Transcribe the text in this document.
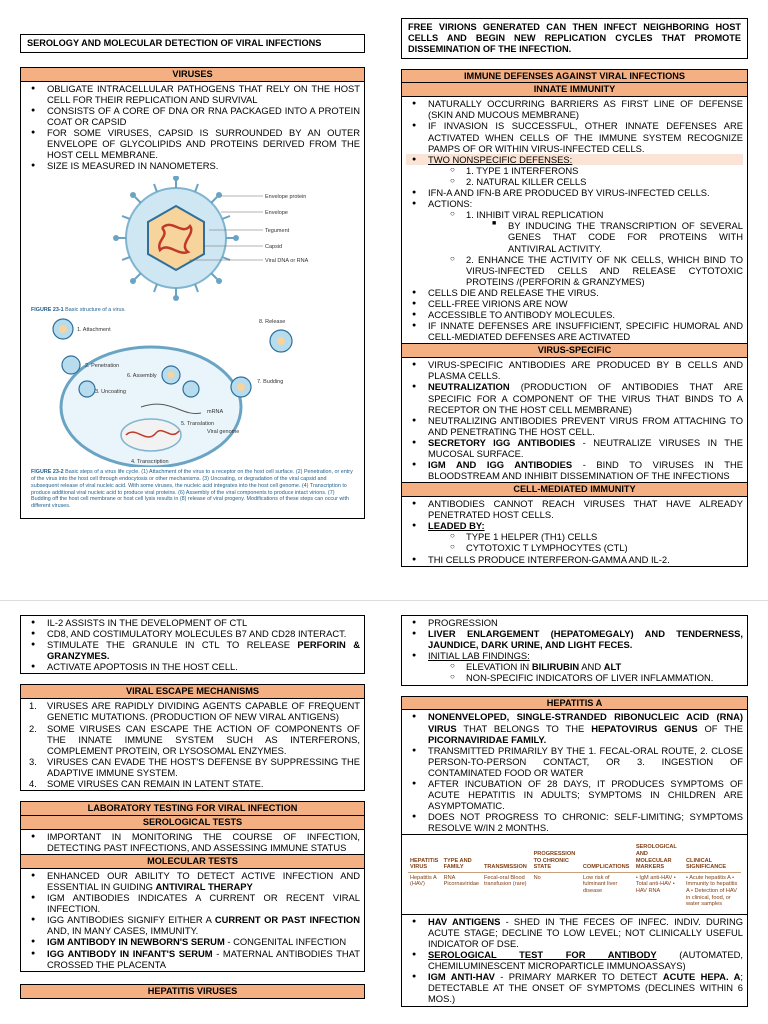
SEROLOGY AND MOLECULAR DETECTION OF VIRAL INFECTIONS
VIRUSES
● OBLIGATE INTRACELLULAR PATHOGENS THAT RELY ON THE HOST CELL FOR THEIR REPLICATION AND SURVIVAL
● CONSISTS OF A CORE OF DNA OR RNA PACKAGED INTO A PROTEIN COAT OR CAPSID
● FOR SOME VIRUSES, CAPSID IS SURROUNDED BY AN OUTER ENVELOPE OF GLYCOLIPIDS AND PROTEINS DERIVED FROM THE HOST CELL MEMBRANE.
● SIZE IS MEASURED IN NANOMETERS.
Envelope protein
Envelope
Tegument
Capsid
Viral DNA or RNA
FIGURE 23-1 Basic structure of a virus.
1. Attachment
8. Release
2. Penetration
6. Assembly
7. Budding
3. Uncoating
mRNA
5. Translation
Viral genome
4. Transcription
FIGURE 23-2 Basic steps of a virus life cycle. (1) Attachment of the virus to a receptor on the host cell surface. (2) Penetration, or entry of the virus into the host cell through endocytosis or other mechanisms. (3) Uncoating, or degradation of the viral capsid and subsequent release of viral nucleic acid. With some viruses, the nucleic acid integrates into the host cell genome. (4) Transcription to produce additional viral nucleic acid to produce viral proteins. (6) Assembly of the viral components to produce intact virions. (7) Budding off the host cell membrane or host cell lysis results in (8) release of viral progeny. Modifications of these steps can occur with different viruses.
FREE VIRIONS GENERATED CAN THEN INFECT NEIGHBORING HOST CELLS AND BEGIN NEW REPLICATION CYCLES THAT PROMOTE DISSEMINATION OF THE INFECTION.
IMMUNE DEFENSES AGAINST VIRAL INFECTIONS
INNATE IMMUNITY
● NATURALLY OCCURRING BARRIERS AS FIRST LINE OF DEFENSE (SKIN AND MUCOUS MEMBRANE)
● IF INVASION IS SUCCESSFUL, OTHER INNATE DEFENSES ARE ACTIVATED WHEN CELLS OF THE IMMUNE SYSTEM RECOGNIZE PAMPS OF OR WITHIN VIRUS-INFECTED CELLS.
● TWO NONSPECIFIC DEFENSES:
○ 1. TYPE 1 INTERFERONS
○ 2. NATURAL KILLER CELLS
● IFN-A AND IFN-B ARE PRODUCED BY VIRUS-INFECTED CELLS.
● ACTIONS:
○ 1. INHIBIT VIRAL REPLICATION
■ BY INDUCING THE TRANSCRIPTION OF SEVERAL GENES THAT CODE FOR PROTEINS WITH ANTIVIRAL ACTIVITY.
○ 2. ENHANCE THE ACTIVITY OF NK CELLS, WHICH BIND TO VIRUS-INFECTED CELLS AND RELEASE CYTOTOXIC PROTEINS /(PERFORIN & GRANZYMES)
● CELLS DIE AND RELEASE THE VIRUS.
● CELL-FREE VIRIONS ARE NOW
● ACCESSIBLE TO ANTIBODY MOLECULES.
● IF INNATE DEFENSES ARE INSUFFICIENT, SPECIFIC HUMORAL AND CELL-MEDIATED DEFENSES ARE ACTIVATED
VIRUS-SPECIFIC
● VIRUS-SPECIFIC ANTIBODIES ARE PRODUCED BY B CELLS AND PLASMA CELLS.
● NEUTRALIZATION (PRODUCTION OF ANTIBODIES THAT ARE SPECIFIC FOR A COMPONENT OF THE VIRUS THAT BINDS TO A RECEPTOR ON THE HOST CELL MEMBRANE)
● NEUTRALIZING ANTIBODIES PREVENT VIRUS FROM ATTACHING TO AND PENETRATING THE HOST CELL.
● SECRETORY IGG ANTIBODIES - NEUTRALIZE VIRUSES IN THE MUCOSAL SURFACE.
● IGM AND IGG ANTIBODIES - BIND TO VIRUSES IN THE BLOODSTREAM AND INHIBIT DISSEMINATION OF THE INFECTIONS
CELL-MEDIATED IMMUNITY
● ANTIBODIES CANNOT REACH VIRUSES THAT HAVE ALREADY PENETRATED HOST CELLS.
● LEADED BY:
○ TYPE 1 HELPER (TH1) CELLS
○ CYTOTOXIC T LYMPHOCYTES (CTL)
● THI CELLS PRODUCE INTERFERON-GAMMA AND IL-2.
● IL-2 ASSISTS IN THE DEVELOPMENT OF CTL
● CD8, AND COSTIMULATORY MOLECULES B7 AND CD28 INTERACT.
● STIMULATE THE GRANULE IN CTL TO RELEASE PERFORIN & GRANZYMES.
● ACTIVATE APOPTOSIS IN THE HOST CELL.
VIRAL ESCAPE MECHANISMS
1. VIRUSES ARE RAPIDLY DIVIDING AGENTS CAPABLE OF FREQUENT GENETIC MUTATIONS. (PRODUCTION OF NEW VIRAL ANTIGENS)
2. SOME VIRUSES CAN ESCAPE THE ACTION OF COMPONENTS OF THE INNATE IMMUNE SYSTEM SUCH AS INTERFERONS, COMPLEMENT PROTEIN, OR LYSOSOMAL ENZYMES.
3. VIRUSES CAN EVADE THE HOST'S DEFENSE BY SUPPRESSING THE ADAPTIVE IMMUNE SYSTEM.
4. SOME VIRUSES CAN REMAIN IN LATENT STATE.
LABORATORY TESTING FOR VIRAL INFECTION
SEROLOGICAL TESTS
● IMPORTANT IN MONITORING THE COURSE OF INFECTION, DETECTING PAST INFECTIONS, AND ASSESSING IMMUNE STATUS
MOLECULAR TESTS
● ENHANCED OUR ABILITY TO DETECT ACTIVE INFECTION AND ESSENTIAL IN GUIDING ANTIVIRAL THERAPY
● IGM ANTIBODIES INDICATES A CURRENT OR RECENT VIRAL INFECTION.
● IGG ANTIBODIES SIGNIFY EITHER A CURRENT OR PAST INFECTION AND, IN MANY CASES, IMMUNITY.
● IGM ANTIBODY IN NEWBORN'S SERUM - CONGENITAL INFECTION
● IGG ANTIBODY IN INFANT'S SERUM - MATERNAL ANTIBODIES THAT CROSSED THE PLACENTA
HEPATITIS VIRUSES
● PROGRESSION
● LIVER ENLARGEMENT (HEPATOMEGALY) AND TENDERNESS, JAUNDICE, DARK URINE, AND LIGHT FECES.
● INITIAL LAB FINDINGS:
○ ELEVATION IN BILIRUBIN AND ALT
○ NON-SPECIFIC INDICATORS OF LIVER INFLAMMATION.
HEPATITIS A
● NONENVELOPED, SINGLE-STRANDED RIBONUCLEIC ACID (RNA) VIRUS THAT BELONGS TO THE HEPATOVIRUS GENUS OF THE PICORNAVIRIDAE FAMILY.
● TRANSMITTED PRIMARILY BY THE 1. FECAL-ORAL ROUTE, 2. CLOSE PERSON-TO-PERSON CONTACT, OR 3. INGESTION OF CONTAMINATED FOOD OR WATER
● AFTER INCUBATION OF 28 DAYS, IT PRODUCES SYMPTOMS OF ACUTE HEPATITIS IN ADULTS; SYMPTOMS IN CHILDREN ARE ASYMPTOMATIC.
● DOES NOT PROGRESS TO CHRONIC: SELF-LIMITING; SYMPTOMS RESOLVE W/IN 2 MONTHS.
HEPATITIS VIRUS	TYPE AND FAMILY	TRANSMISSION	PROGRESSION TO CHRONIC STATE	COMPLICATIONS	SEROLOGICAL AND MOLECULAR MARKERS	CLINICAL SIGNIFICANCE
Hepatitis A (HAV)	RNA Picornaviridae	Fecal-oral Blood transfusion (rare)	No	Low risk of fulminant liver disease	• IgM anti-HAV • Total anti-HAV • HAV RNA	• Acute hepatitis A • Immunity to hepatitis A • Detection of HAV in clinical, food, or water samples
● HAV ANTIGENS - SHED IN THE FECES OF INFEC. INDIV. DURING ACUTE STAGE; DECLINE TO LOW LEVEL; NOT CLINICALLY USEFUL INDICATOR OF DSE.
● SEROLOGICAL TEST FOR ANTIBODY (AUTOMATED, CHEMILUMINESCENT MICROPARTICLE IMMUNOASSAYS)
● IGM ANTI-HAV - PRIMARY MARKER TO DETECT ACUTE HEPA. A; DETECTABLE AT THE ONSET OF SYMPTOMS (DECLINES WITHIN 6 MOS.)
